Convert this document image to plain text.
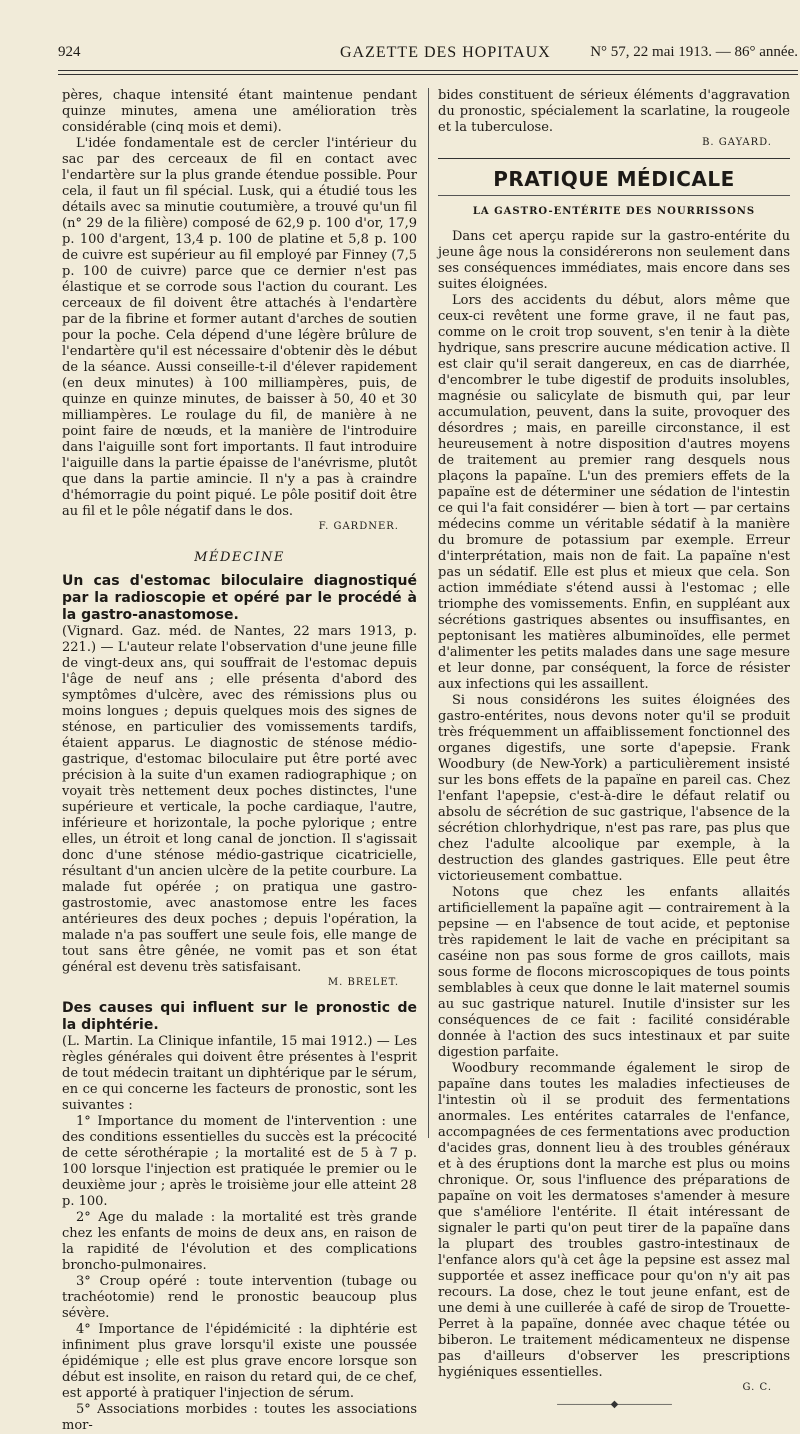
924	GAZETTE DES HOPITAUX	N° 57, 22 mai 1913. — 86° année.

pères, chaque intensité étant maintenue pendant quinze minutes, amena une amélioration très considérable (cinq mois et demi).

L'idée fondamentale est de cercler l'intérieur du sac par des cerceaux de fil en contact avec l'endartère sur la plus grande étendue possible. Pour cela, il faut un fil spécial. Lusk, qui a étudié tous les détails avec sa minutie coutumière, a trouvé qu'un fil (n° 29 de la filière) composé de 62,9 p. 100 d'or, 17,9 p. 100 d'argent, 13,4 p. 100 de platine et 5,8 p. 100 de cuivre est supérieur au fil employé par Finney (7,5 p. 100 de cuivre) parce que ce dernier n'est pas élastique et se corrode sous l'action du courant. Les cerceaux de fil doivent être attachés à l'endartère par de la fibrine et former autant d'arches de soutien pour la poche. Cela dépend d'une légère brûlure de l'endartère qu'il est nécessaire d'obtenir dès le début de la séance. Aussi conseille-t-il d'élever rapidement (en deux minutes) à 100 milliampères, puis, de quinze en quinze minutes, de baisser à 50, 40 et 30 milliampères. Le roulage du fil, de manière à ne point faire de nœuds, et la manière de l'introduire dans l'aiguille sont fort importants. Il faut introduire l'aiguille dans la partie épaisse de l'anévrisme, plutôt que dans la partie amincie. Il n'y a pas à craindre d'hémorragie du point piqué. Le pôle positif doit être au fil et le pôle négatif dans le dos.

F. GARDNER.
MÉDECINE

Un cas d'estomac biloculaire diagnostiqué par la radioscopie et opéré par le procédé à la gastro-anastomose.

(Vignard. Gaz. méd. de Nantes, 22 mars 1913, p. 221.) — L'auteur relate l'observation d'une jeune fille de vingt-deux ans, qui souffrait de l'estomac depuis l'âge de neuf ans ; elle présenta d'abord des symptômes d'ulcère, avec des rémissions plus ou moins longues ; depuis quelques mois des signes de sténose, en particulier des vomissements tardifs, étaient apparus. Le diagnostic de sténose médio-gastrique, d'estomac biloculaire put être porté avec précision à la suite d'un examen radiographique ; on voyait très nettement deux poches distinctes, l'une supérieure et verticale, la poche cardiaque, l'autre, inférieure et horizontale, la poche pylorique ; entre elles, un étroit et long canal de jonction. Il s'agissait donc d'une sténose médio-gastrique cicatricielle, résultant d'un ancien ulcère de la petite courbure. La malade fut opérée ; on pratiqua une gastro-gastrostomie, avec anastomose entre les faces antérieures des deux poches ; depuis l'opération, la malade n'a pas souffert une seule fois, elle mange de tout sans être gênée, ne vomit pas et son état général est devenu très satisfaisant.

M. BRELET.

Des causes qui influent sur le pronostic de la diphtérie.

(L. Martin. La Clinique infantile, 15 mai 1912.) — Les règles générales qui doivent être présentes à l'esprit de tout médecin traitant un diphtérique par le sérum, en ce qui concerne les facteurs de pronostic, sont les suivantes :

1° Importance du moment de l'intervention : une des conditions essentielles du succès est la précocité de cette sérothérapie ; la mortalité est de 5 à 7 p. 100 lorsque l'injection est pratiquée le premier ou le deuxième jour ; après le troisième jour elle atteint 28 p. 100.

2° Age du malade : la mortalité est très grande chez les enfants de moins de deux ans, en raison de la rapidité de l'évolution et des complications broncho-pulmonaires.

3° Croup opéré : toute intervention (tubage ou trachéotomie) rend le pronostic beaucoup plus sévère.

4° Importance de l'épidémicité : la diphtérie est infiniment plus grave lorsqu'il existe une poussée épidémique ; elle est plus grave encore lorsque son début est insolite, en raison du retard qui, de ce chef, est apporté à pratiquer l'injection de sérum.

5° Associations morbides : toutes les associations mor-

bides constituent de sérieux éléments d'aggravation du pronostic, spécialement la scarlatine, la rougeole et la tuberculose.

B. GAYARD.
PRATIQUE MÉDICALE
LA GASTRO-ENTÉRITE DES NOURRISSONS

Dans cet aperçu rapide sur la gastro-entérite du jeune âge nous la considérerons non seulement dans ses conséquences immédiates, mais encore dans ses suites éloignées.

Lors des accidents du début, alors même que ceux-ci revêtent une forme grave, il ne faut pas, comme on le croit trop souvent, s'en tenir à la diète hydrique, sans prescrire aucune médication active. Il est clair qu'il serait dangereux, en cas de diarrhée, d'encombrer le tube digestif de produits insolubles, magnésie ou salicylate de bismuth qui, par leur accumulation, peuvent, dans la suite, provoquer des désordres ; mais, en pareille circonstance, il est heureusement à notre disposition d'autres moyens de traitement au premier rang desquels nous plaçons la papaïne. L'un des premiers effets de la papaïne est de déterminer une sédation de l'intestin ce qui l'a fait considérer — bien à tort — par certains médecins comme un véritable sédatif à la manière du bromure de potassium par exemple. Erreur d'interprétation, mais non de fait. La papaïne n'est pas un sédatif. Elle est plus et mieux que cela. Son action immédiate s'étend aussi à l'estomac ; elle triomphe des vomissements. Enfin, en suppléant aux sécrétions gastriques absentes ou insuffisantes, en peptonisant les matières albuminoïdes, elle permet d'alimenter les petits malades dans une sage mesure et leur donne, par conséquent, la force de résister aux infections qui les assaillent.

Si nous considérons les suites éloignées des gastro-entérites, nous devons noter qu'il se produit très fréquemment un affaiblissement fonctionnel des organes digestifs, une sorte d'apepsie. Frank Woodbury (de New-York) a particulièrement insisté sur les bons effets de la papaïne en pareil cas. Chez l'enfant l'apepsie, c'est-à-dire le défaut relatif ou absolu de sécrétion de suc gastrique, l'absence de la sécrétion chlorhydrique, n'est pas rare, pas plus que chez l'adulte alcoolique par exemple, à la destruction des glandes gastriques. Elle peut être victorieusement combattue.

Notons que chez les enfants allaités artificiellement la papaïne agit — contrairement à la pepsine — en l'absence de tout acide, et peptonise très rapidement le lait de vache en précipitant sa caséine non pas sous forme de gros caillots, mais sous forme de flocons microscopiques de tous points semblables à ceux que donne le lait maternel soumis au suc gastrique naturel. Inutile d'insister sur les conséquences de ce fait : facilité considérable donnée à l'action des sucs intestinaux et par suite digestion parfaite.

Woodbury recommande également le sirop de papaïne dans toutes les maladies infectieuses de l'intestin où il se produit des fermentations anormales. Les entérites catarrales de l'enfance, accompagnées de ces fermentations avec production d'acides gras, donnent lieu à des troubles généraux et à des éruptions dont la marche est plus ou moins chronique. Or, sous l'influence des préparations de papaïne on voit les dermatoses s'amender à mesure que s'améliore l'entérite. Il était intéressant de signaler le parti qu'on peut tirer de la papaïne dans la plupart des troubles gastro-intestinaux de l'enfance alors qu'à cet âge la pepsine est assez mal supportée et assez inefficace pour qu'on n'y ait pas recours. La dose, chez le tout jeune enfant, est de une demi à une cuillerée à café de sirop de Trouette-Perret à la papaïne, donnée avec chaque tétée ou biberon. Le traitement médicamenteux ne dispense pas d'ailleurs d'observer les prescriptions hygiéniques essentielles.

G. C.
——————◆——————
